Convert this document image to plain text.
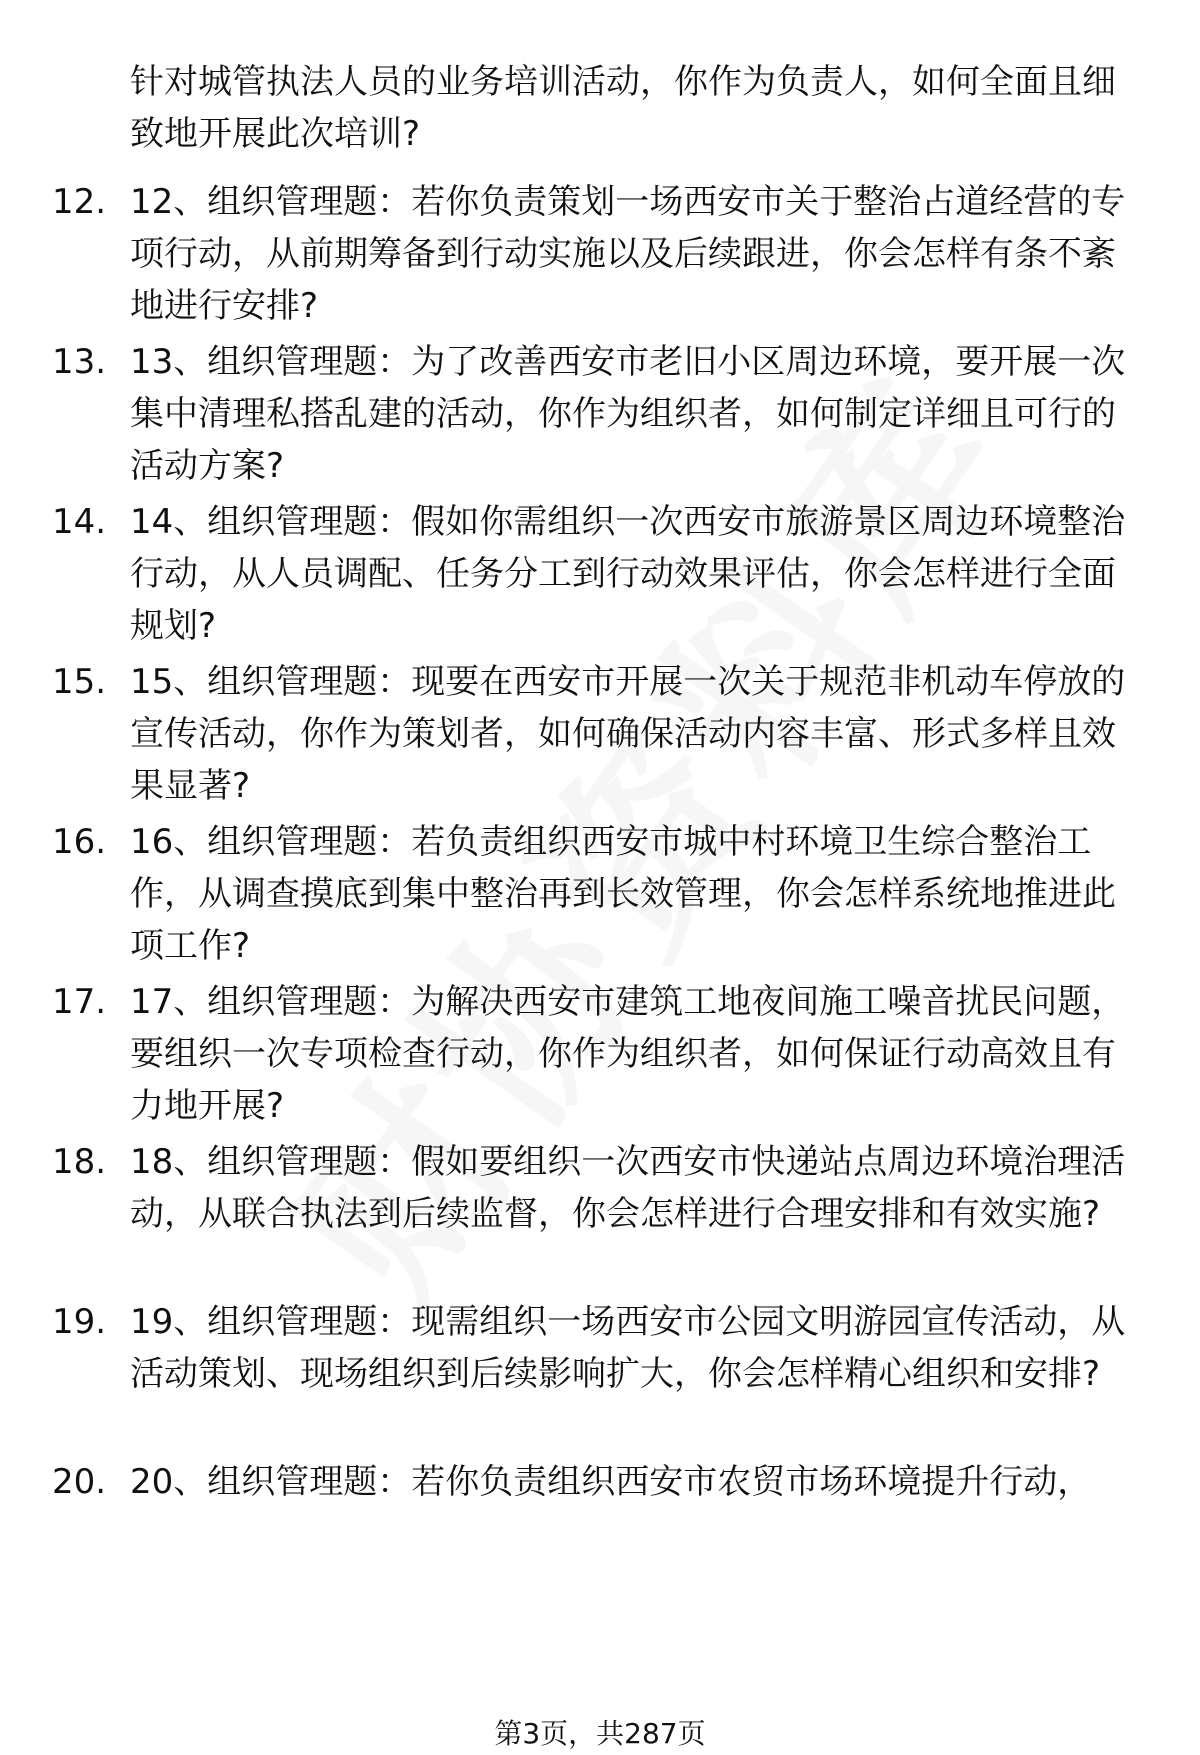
针对城管执法人员的业务培训活动，你作为负责人，如何全面且细致地开展此次培训?
12. 12、组织管理题：若你负责策划一场西安市关于整治占道经营的专项行动，从前期筹备到行动实施以及后续跟进，你会怎样有条不紊地进行安排?
13. 13、组织管理题：为了改善西安市老旧小区周边环境，要开展一次集中清理私搭乱建的活动，你作为组织者，如何制定详细且可行的活动方案?
14. 14、组织管理题：假如你需组织一次西安市旅游景区周边环境整治行动，从人员调配、任务分工到行动效果评估，你会怎样进行全面规划?
15. 15、组织管理题：现要在西安市开展一次关于规范非机动车停放的宣传活动，你作为策划者，如何确保活动内容丰富、形式多样且效果显著?
16. 16、组织管理题：若负责组织西安市城中村环境卫生综合整治工作，从调查摸底到集中整治再到长效管理，你会怎样系统地推进此项工作?
17. 17、组织管理题：为解决西安市建筑工地夜间施工噪音扰民问题，要组织一次专项检查行动，你作为组织者，如何保证行动高效且有力地开展?
18. 18、组织管理题：假如要组织一次西安市快递站点周边环境治理活动，从联合执法到后续监督，你会怎样进行合理安排和有效实施?
19. 19、组织管理题：现需组织一场西安市公园文明游园宣传活动，从活动策划、现场组织到后续影响扩大，你会怎样精心组织和安排?
20. 20、组织管理题：若你负责组织西安市农贸市场环境提升行动，
第3页，共287页
